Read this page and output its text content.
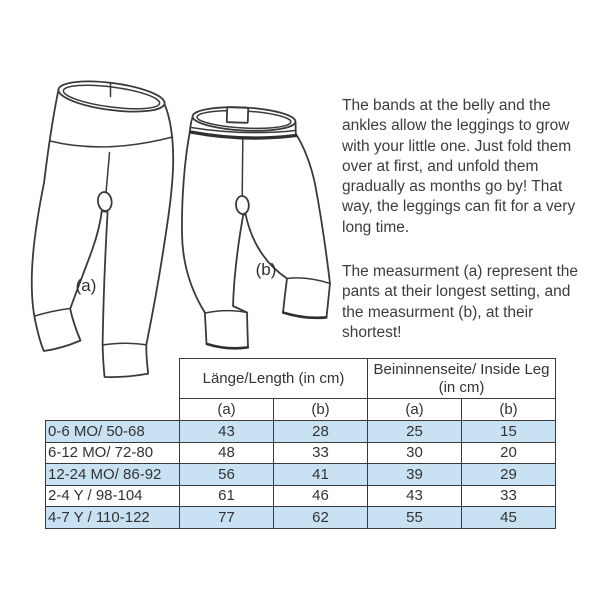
(a)
(b)

The bands at the belly and the ankles allow the leggings to grow with your little one. Just fold them over at first, and unfold them gradually as months go by! That way, the leggings can fit for a very long time.

The measurment (a) represent the pants at their longest setting, and the measurment (b), at their shortest!

	Länge/Length (in cm)		Beininnenseite/ Inside Leg (in cm)	
	(a)	(b)	(a)	(b)
0-6 MO/ 50-68	43	28	25	15
6-12 MO/ 72-80	48	33	30	20
12-24 MO/ 86-92	56	41	39	29
2-4 Y / 98-104	61	46	43	33
4-7 Y / 110-122	77	62	55	45
